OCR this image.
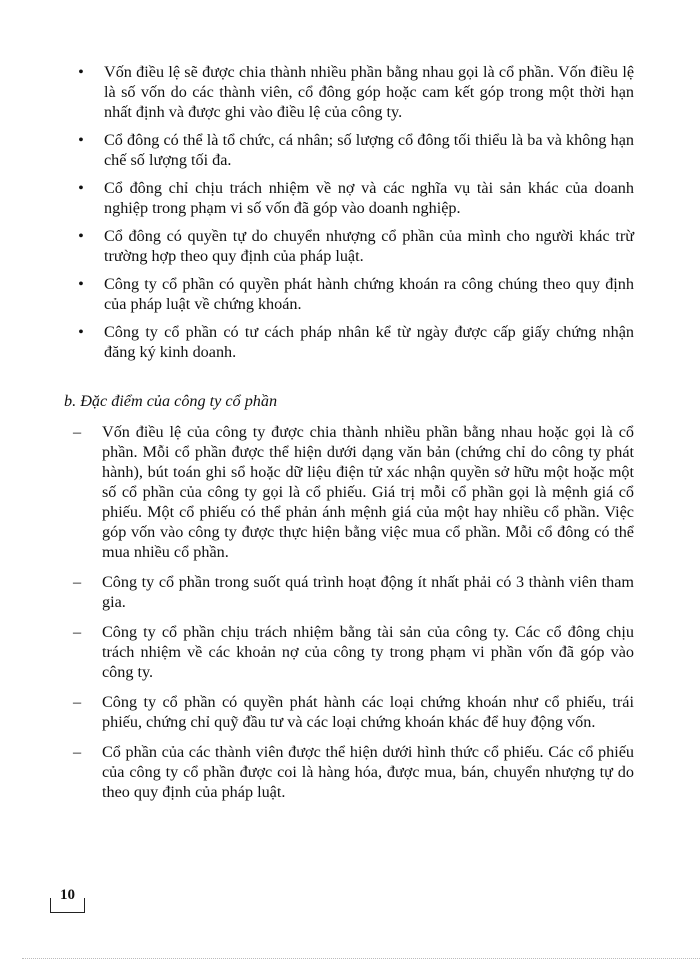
• Vốn điều lệ sẽ được chia thành nhiều phần bằng nhau gọi là cổ phần. Vốn điều lệ là số vốn do các thành viên, cổ đông góp hoặc cam kết góp trong một thời hạn nhất định và được ghi vào điều lệ của công ty.
• Cổ đông có thể là tổ chức, cá nhân; số lượng cổ đông tối thiểu là ba và không hạn chế số lượng tối đa.
• Cổ đông chỉ chịu trách nhiệm về nợ và các nghĩa vụ tài sản khác của doanh nghiệp trong phạm vi số vốn đã góp vào doanh nghiệp.
• Cổ đông có quyền tự do chuyển nhượng cổ phần của mình cho người khác trừ trường hợp theo quy định của pháp luật.
• Công ty cổ phần có quyền phát hành chứng khoán ra công chúng theo quy định của pháp luật về chứng khoán.
• Công ty cổ phần có tư cách pháp nhân kể từ ngày được cấp giấy chứng nhận đăng ký kinh doanh.

b. Đặc điểm của công ty cổ phần

–	Vốn điều lệ của công ty được chia thành nhiều phần bằng nhau hoặc gọi là cổ phần. Mỗi cổ phần được thể hiện dưới dạng văn bản (chứng chỉ do công ty phát hành), bút toán ghi sổ hoặc dữ liệu điện tử xác nhận quyền sở hữu một hoặc một số cổ phần của công ty gọi là cổ phiếu. Giá trị mỗi cổ phần gọi là mệnh giá cổ phiếu. Một cổ phiếu có thể phản ánh mệnh giá của một hay nhiều cổ phần. Việc góp vốn vào công ty được thực hiện bằng việc mua cổ phần. Mỗi cổ đông có thể mua nhiều cổ phần.
–	Công ty cổ phần trong suốt quá trình hoạt động ít nhất phải có 3 thành viên tham gia.
–	Công ty cổ phần chịu trách nhiệm bằng tài sản của công ty. Các cổ đông chịu trách nhiệm về các khoản nợ của công ty trong phạm vi phần vốn đã góp vào công ty.
–	Công ty cổ phần có quyền phát hành các loại chứng khoán như cổ phiếu, trái phiếu, chứng chỉ quỹ đầu tư và các loại chứng khoán khác để huy động vốn.
–	Cổ phần của các thành viên được thể hiện dưới hình thức cổ phiếu. Các cổ phiếu của công ty cổ phần được coi là hàng hóa, được mua, bán, chuyển nhượng tự do theo quy định của pháp luật.
10
